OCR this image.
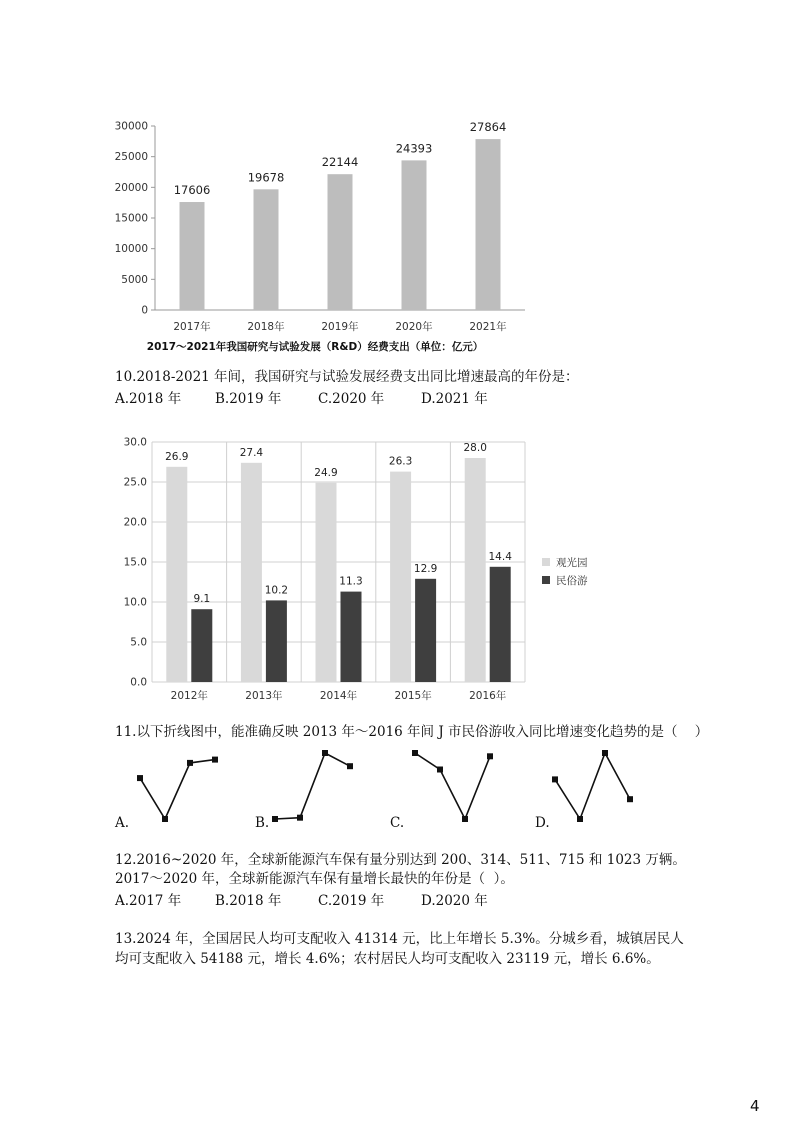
0
5000
10000
15000
20000
25000
30000
17606
2017年
19678
2018年
22144
2019年
24393
2020年
27864
2021年
2017～2021年我国研究与试验发展（R&D）经费支出（单位：亿元）
10.2018-2021 年间，我国研究与试验发展经费支出同比增速最高的年份是：
A.2018 年	B.2019 年	C.2020 年	D.2021 年
0.0
5.0
10.0
15.0
20.0
25.0
30.0
26.9
9.1
2012年
27.4
10.2
2013年
24.9
11.3
2014年
26.3
12.9
2015年
28.0
14.4
2016年
观光园
民俗游
11.以下折线图中，能准确反映 2013 年～2016 年间 J 市民俗游收入同比增速变化趋势的是（    ）
A.	B.	C.	D.
12.2016~2020 年，全球新能源汽车保有量分别达到 200、314、511、715 和 1023 万辆。
2017～2020 年，全球新能源汽车保有量增长最快的年份是（  ）。
A.2017 年	B.2018 年	C.2019 年	D.2020 年
13.2024 年，全国居民人均可支配收入 41314 元，比上年增长 5.3%。分城乡看，城镇居民人
均可支配收入 54188 元，增长 4.6%；农村居民人均可支配收入 23119 元，增长 6.6%。
4
